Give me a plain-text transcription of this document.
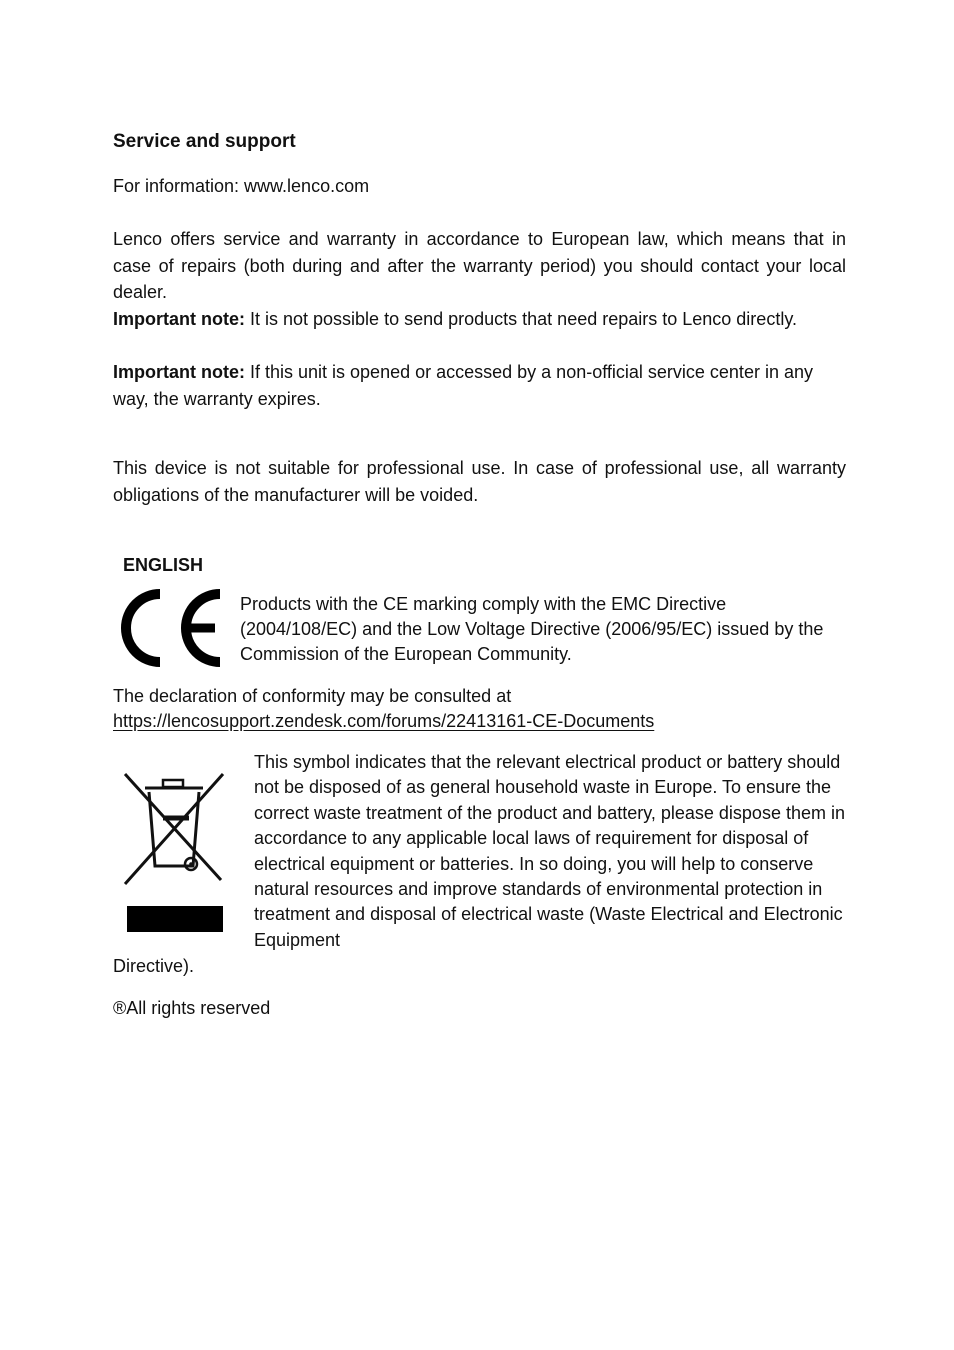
Service and support

For information: www.lenco.com

Lenco offers service and warranty in accordance to European law, which means that in case of repairs (both during and after the warranty period) you should contact your local dealer.

Important note: It is not possible to send products that need repairs to Lenco directly.

Important note: If this unit is opened or accessed by a non-official service center in any way, the warranty expires.

This device is not suitable for professional use. In case of professional use, all warranty obligations of the manufacturer will be voided.

ENGLISH

Products with the CE marking comply with the EMC Directive (2004/108/EC) and the Low Voltage Directive (2006/95/EC) issued by the Commission of the European Community.

The declaration of conformity may be consulted at

https://lencosupport.zendesk.com/forums/22413161-CE-Documents

This symbol indicates that the relevant electrical product or battery should not be disposed of as general household waste in Europe. To ensure the correct waste treatment of the product and battery, please dispose them in accordance to any applicable local laws of requirement for disposal of electrical equipment or batteries. In so doing, you will help to conserve natural resources and improve standards of environmental protection in treatment and disposal of electrical waste (Waste Electrical and Electronic Equipment

Directive).

®All rights reserved
